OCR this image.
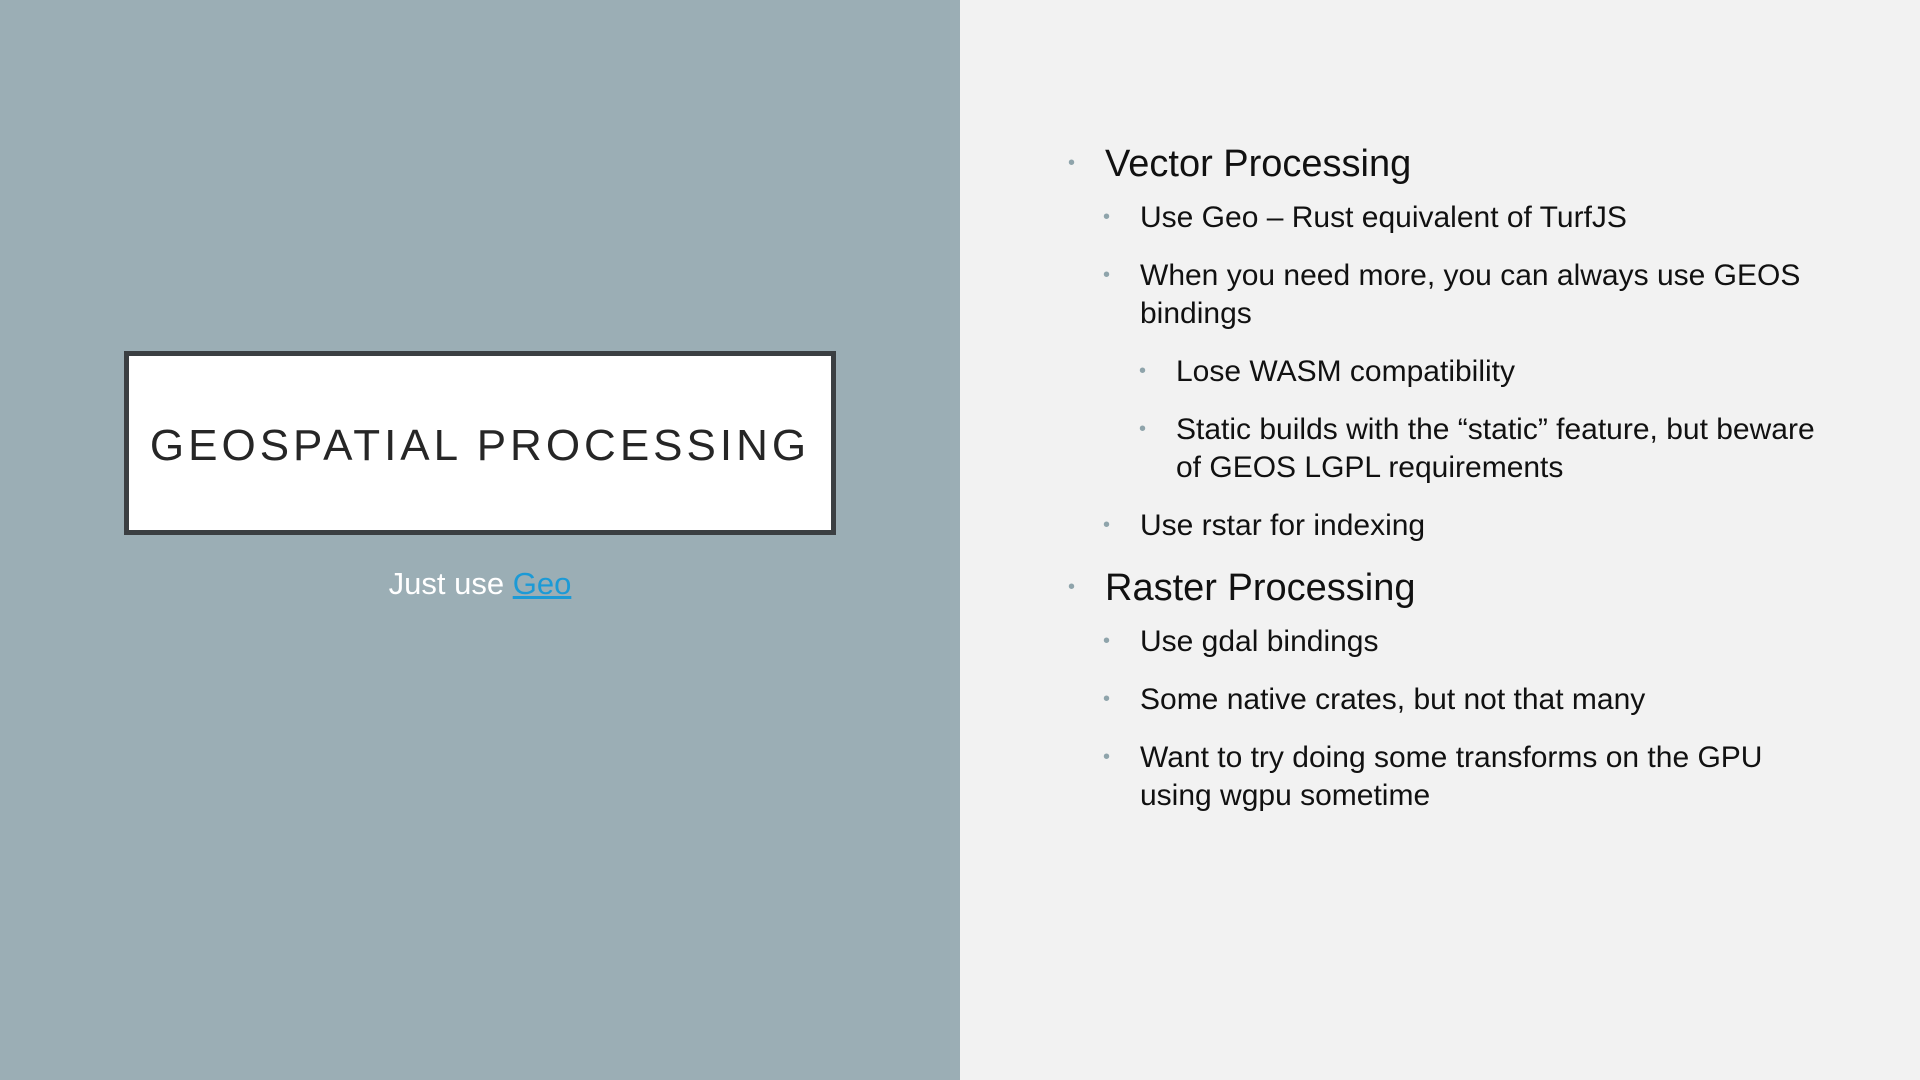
GEOSPATIAL PROCESSING
Just use Geo
• Vector Processing
• Use Geo – Rust equivalent of TurfJS
• When you need more, you can always use GEOS bindings
• Lose WASM compatibility
• Static builds with the “static” feature, but beware of GEOS LGPL requirements
• Use rstar for indexing
• Raster Processing
• Use gdal bindings
• Some native crates, but not that many
• Want to try doing some transforms on the GPU using wgpu sometime
